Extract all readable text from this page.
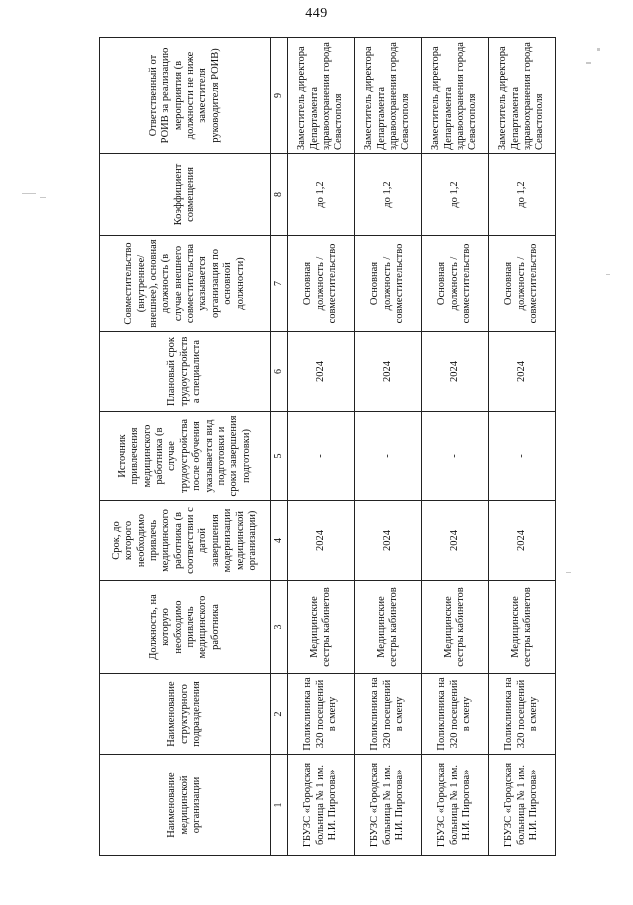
449
Наименование медицинской организации	Наименование структурного подразделения	Должность, на которую необходимо привлечь медицинского работника	Срок, до которого необходимо привлечь медицинского работника (в соответствии с датой завершения модернизации медицинской организации)	Источник привлечения медицинского работника (в случае трудоустройства после обучения указывается вид подготовки и сроки завершения подготовки)	Плановый срок трудоустройства специалиста	Совместительство (внутреннее/внешнее), основная должность (в случае внешнего совместительства указывается организация по основной должности)	Коэффициент совмещения	Ответственный от РОИВ за реализацию мероприятия (в должности не ниже заместителя руководителя РОИВ)
1	2	3	4	5	6	7	8	9
ГБУЗС «Городская больница № 1 им. Н.И. Пирогова»	Поликлиника на 320 посещений в смену	Медицинские сестры кабинетов	2024	-	2024	Основная должность / совместительство	до 1,2	Заместитель директора Департамента здравоохранения города Севастополя
ГБУЗС «Городская больница № 1 им. Н.И. Пирогова»	Поликлиника на 320 посещений в смену	Медицинские сестры кабинетов	2024	-	2024	Основная должность / совместительство	до 1,2	Заместитель директора Департамента здравоохранения города Севастополя
ГБУЗС «Городская больница № 1 им. Н.И. Пирогова»	Поликлиника на 320 посещений в смену	Медицинские сестры кабинетов	2024	-	2024	Основная должность / совместительство	до 1,2	Заместитель директора Департамента здравоохранения города Севастополя
ГБУЗС «Городская больница № 1 им. Н.И. Пирогова»	Поликлиника на 320 посещений в смену	Медицинские сестры кабинетов	2024	-	2024	Основная должность / совместительство	до 1,2	Заместитель директора Департамента здравоохранения города Севастополя
